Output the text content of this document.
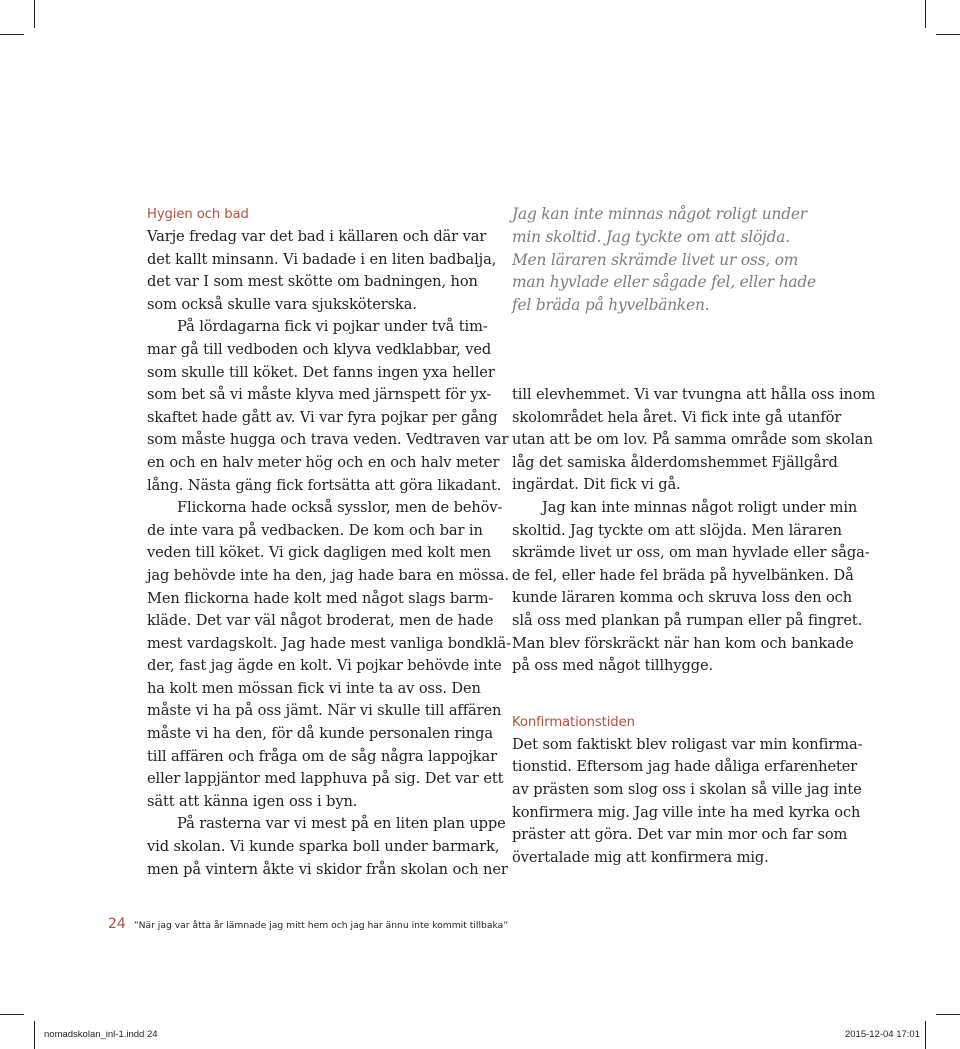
Hygien och bad
Varje fredag var det bad i källaren och där var
det kallt minsann. Vi badade i en liten badbalja,
det var I som mest skötte om badningen, hon
som också skulle vara sjuksköterska.
På lördagarna fick vi pojkar under två tim-
mar gå till vedboden och klyva vedklabbar, ved
som skulle till köket. Det fanns ingen yxa heller
som bet så vi måste klyva med järnspett för yx-
skaftet hade gått av. Vi var fyra pojkar per gång
som måste hugga och trava veden. Vedtraven var
en och en halv meter hög och en och halv meter
lång. Nästa gäng fick fortsätta att göra likadant.
Flickorna hade också sysslor, men de behöv-
de inte vara på vedbacken. De kom och bar in
veden till köket. Vi gick dagligen med kolt men
jag behövde inte ha den, jag hade bara en mössa.
Men flickorna hade kolt med något slags barm-
kläde. Det var väl något broderat, men de hade
mest vardagskolt. Jag hade mest vanliga bondklä-
der, fast jag ägde en kolt. Vi pojkar behövde inte
ha kolt men mössan fick vi inte ta av oss. Den
måste vi ha på oss jämt. När vi skulle till affären
måste vi ha den, för då kunde personalen ringa
till affären och fråga om de såg några lappojkar
eller lappjäntor med lapphuva på sig. Det var ett
sätt att känna igen oss i byn.
På rasterna var vi mest på en liten plan uppe
vid skolan. Vi kunde sparka boll under barmark,
men på vintern åkte vi skidor från skolan och ner
Jag kan inte minnas något roligt under
min skoltid. Jag tyckte om att slöjda.
Men läraren skrämde livet ur oss, om
man hyvlade eller sågade fel, eller hade
fel bräda på hyvelbänken.
till elevhemmet. Vi var tvungna att hålla oss inom
skolområdet hela året. Vi fick inte gå utanför
utan att be om lov. På samma område som skolan
låg det samiska ålderdomshemmet Fjällgård
ingärdat. Dit fick vi gå.
Jag kan inte minnas något roligt under min
skoltid. Jag tyckte om att slöjda. Men läraren
skrämde livet ur oss, om man hyvlade eller såga-
de fel, eller hade fel bräda på hyvelbänken. Då
kunde läraren komma och skruva loss den och
slå oss med plankan på rumpan eller på fingret.
Man blev förskräckt när han kom och bankade
på oss med något tillhygge.
Konfirmationstiden
Det som faktiskt blev roligast var min konfirma-
tionstid. Eftersom jag hade dåliga erfarenheter
av prästen som slog oss i skolan så ville jag inte
konfirmera mig. Jag ville inte ha med kyrka och
präster att göra. Det var min mor och far som
övertalade mig att konfirmera mig.
24 ”När jag var åtta år lämnade jag mitt hem och jag har ännu inte kommit tillbaka”
nomadskolan_inl-1.indd 24	2015-12-04 17:01
